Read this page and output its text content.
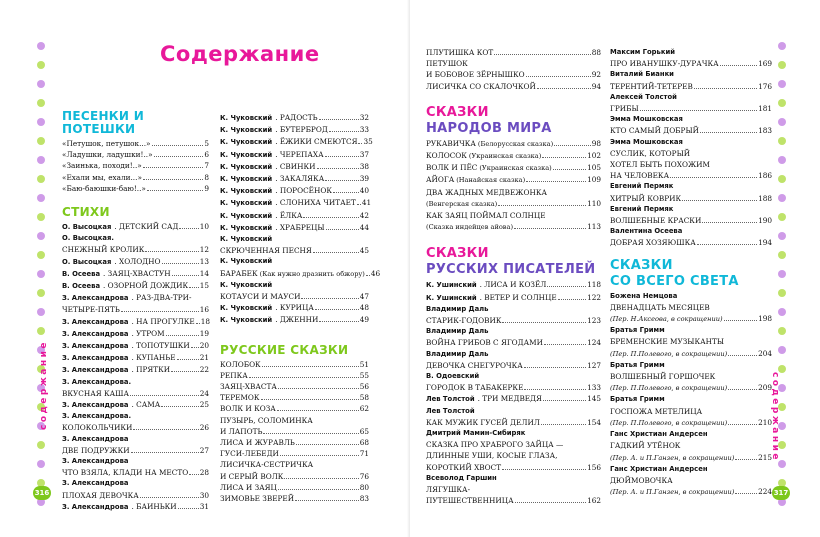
Содержание
содержание
316
ПЕСЕНКИ И ПОТЕШКИ
«Петушок, петушок...»	5
«Ладушки, ладушки!..»	6
«Заинька, походи!..»	7
«Ехали мы, ехали...»	8
«Баю-баюшки-баю!..»	9
СТИХИ
О. Высоцкая . ДЕТСКИЙ САД	10
О. Высоцкая.
СНЕЖНЫЙ КРОЛИК	12
О. Высоцкая . ХОЛОДНО	13
В. Осеева . ЗАЯЦ-ХВАСТУН	14
В. Осеева . ОЗОРНОЙ ДОЖДИК 15
З. Александрова . РАЗ-ДВА-ТРИ-
ЧЕТЫРЕ-ПЯТЬ	16
З. Александрова . НА ПРОГУЛКЕ 18
З. Александрова . УТРОМ	19
З. Александрова . ТОПОТУШКИ 20
З. Александрова . КУПАНЬЕ	21
З. Александрова . ПРЯТКИ	22
З. Александрова.
ВКУСНАЯ КАША	24
З. Александрова . САМА	25
З. Александрова.
КОЛОКОЛЬЧИКИ	26
З. Александрова
ДВЕ ПОДРУЖКИ	27
З. Александрова
ЧТО ВЗЯЛА, КЛАДИ НА МЕСТО 28
З. Александрова
ПЛОХАЯ ДЕВОЧКА	30
З. Александрова . БАИНЬКИ	31
К. Чуковский . РАДОСТЬ	32
К. Чуковский . БУТЕРБРОД	33
К. Чуковский . ЁЖИКИ СМЕЮТСЯ 35
К. Чуковский . ЧЕРЕПАХА	37
К. Чуковский . СВИНКИ	38
К. Чуковский . ЗАКАЛЯКА	39
К. Чуковский . ПОРОСЁНОК	40
К. Чуковский . СЛОНИХА ЧИТАЕТ 41
К. Чуковский . ЁЛКА	42
К. Чуковский . ХРАБРЕЦЫ	44
К. Чуковский
СКРЮЧЕННАЯ ПЕСНЯ	45
К. Чуковский
БАРАБЕК (Как нужно дразнить обжору) 46
К. Чуковский
КОТАУСИ И МАУСИ	47
К. Чуковский . КУРИЦА	48
К. Чуковский . ДЖЕННИ	49
РУССКИЕ СКАЗКИ
КОЛОБОК	51
РЕПКА	55
ЗАЯЦ-ХВАСТА	56
ТЕРЕМОК	58
ВОЛК И КОЗА	62
ПУЗЫРЬ, СОЛОМИНКА
И ЛАПОТЬ	65
ЛИСА И ЖУРАВЛЬ	68
ГУСИ-ЛЕБЕДИ	71
ЛИСИЧКА-СЕСТРИЧКА
И СЕРЫЙ ВОЛК	76
ЛИСА И ЗАЯЦ	80
ЗИМОВЬЕ ЗВЕРЕЙ	83
содержание
317
ПЛУТИШКА КОТ	88
ПЕТУШОК
И БОБОВОЕ ЗЁРНЫШКО	92
ЛИСИЧКА СО СКАЛОЧКОЙ	94
СКАЗКИ
НАРОДОВ МИРА
РУКАВИЧКА (Белорусская сказка)	98
КОЛОСОК (Украинская сказка)	102
ВОЛК И ПЁС (Украинская сказка)	105
АЙОГА (Нанайская сказка)	109
ДВА ЖАДНЫХ МЕДВЕЖОНКА
(Венгерская сказка)	110
КАК ЗАЯЦ ПОЙМАЛ СОЛНЦЕ
(Сказка индейцев айова)	113
СКАЗКИ
РУССКИХ ПИСАТЕЛЕЙ
К. Ушинский . ЛИСА И КОЗЁЛ	118
К. Ушинский . ВЕТЕР И СОЛНЦЕ	122
Владимир Даль
СТАРИК-ГОДОВИК	123
Владимир Даль
ВОЙНА ГРИБОВ С ЯГОДАМИ	124
Владимир Даль
ДЕВОЧКА СНЕГУРОЧКА	127
В. Одоевский
ГОРОДОК В ТАБАКЕРКЕ	133
Лев Толстой . ТРИ МЕДВЕДЯ	145
Лев Толстой
КАК МУЖИК ГУСЕЙ ДЕЛИЛ	154
Дмитрий Мамин-Сибиряк
СКАЗКА ПРО ХРАБРОГО ЗАЙЦА —
ДЛИННЫЕ УШИ, КОСЫЕ ГЛАЗА,
КОРОТКИЙ ХВОСТ	156
Всеволод Гаршин
ЛЯГУШКА-
ПУТЕШЕСТВЕННИЦА	162
Максим Горький
ПРО ИВАНУШКУ-ДУРАЧКА	169
Виталий Бианки
ТЕРЕНТИЙ-ТЕТЕРЕВ	176
Алексей Толстой
ГРИБЫ	181
Эмма Мошковская
КТО САМЫЙ ДОБРЫЙ	183
Эмма Мошковская
СУСЛИК, КОТОРЫЙ
ХОТЕЛ БЫТЬ ПОХОЖИМ
НА ЧЕЛОВЕКА	186
Евгений Пермяк
ХИТРЫЙ КОВРИК	188
Евгений Пермяк
ВОЛШЕБНЫЕ КРАСКИ	190
Валентина Осеева
ДОБРАЯ ХОЗЯЮШКА	194
СКАЗКИ
СО ВСЕГО СВЕТА
Божена Немцова
ДВЕНАДЦАТЬ МЕСЯЦЕВ
(Пер. Н.Аксеова, в сокращении)	198
Братья Гримм
БРЕМЕНСКИЕ МУЗЫКАНТЫ
(Пер. П.Полевого, в сокращении)	204
Братья Гримм
ВОЛШЕБНЫЙ ГОРШОЧЕК
(Пер. П.Полевого, в сокращении)	209
Братья Гримм
ГОСПОЖА МЕТЕЛИЦА
(Пер. П.Полевого, в сокращении)	210
Ганс Христиан Андерсен
ГАДКИЙ УТЁНОК
(Пер. А. и П.Ганзен, в сокращении)	215
Ганс Христиан Андерсен
ДЮЙМОВОЧКА
(Пер. А. и П.Ганзен, в сокращении)	224
